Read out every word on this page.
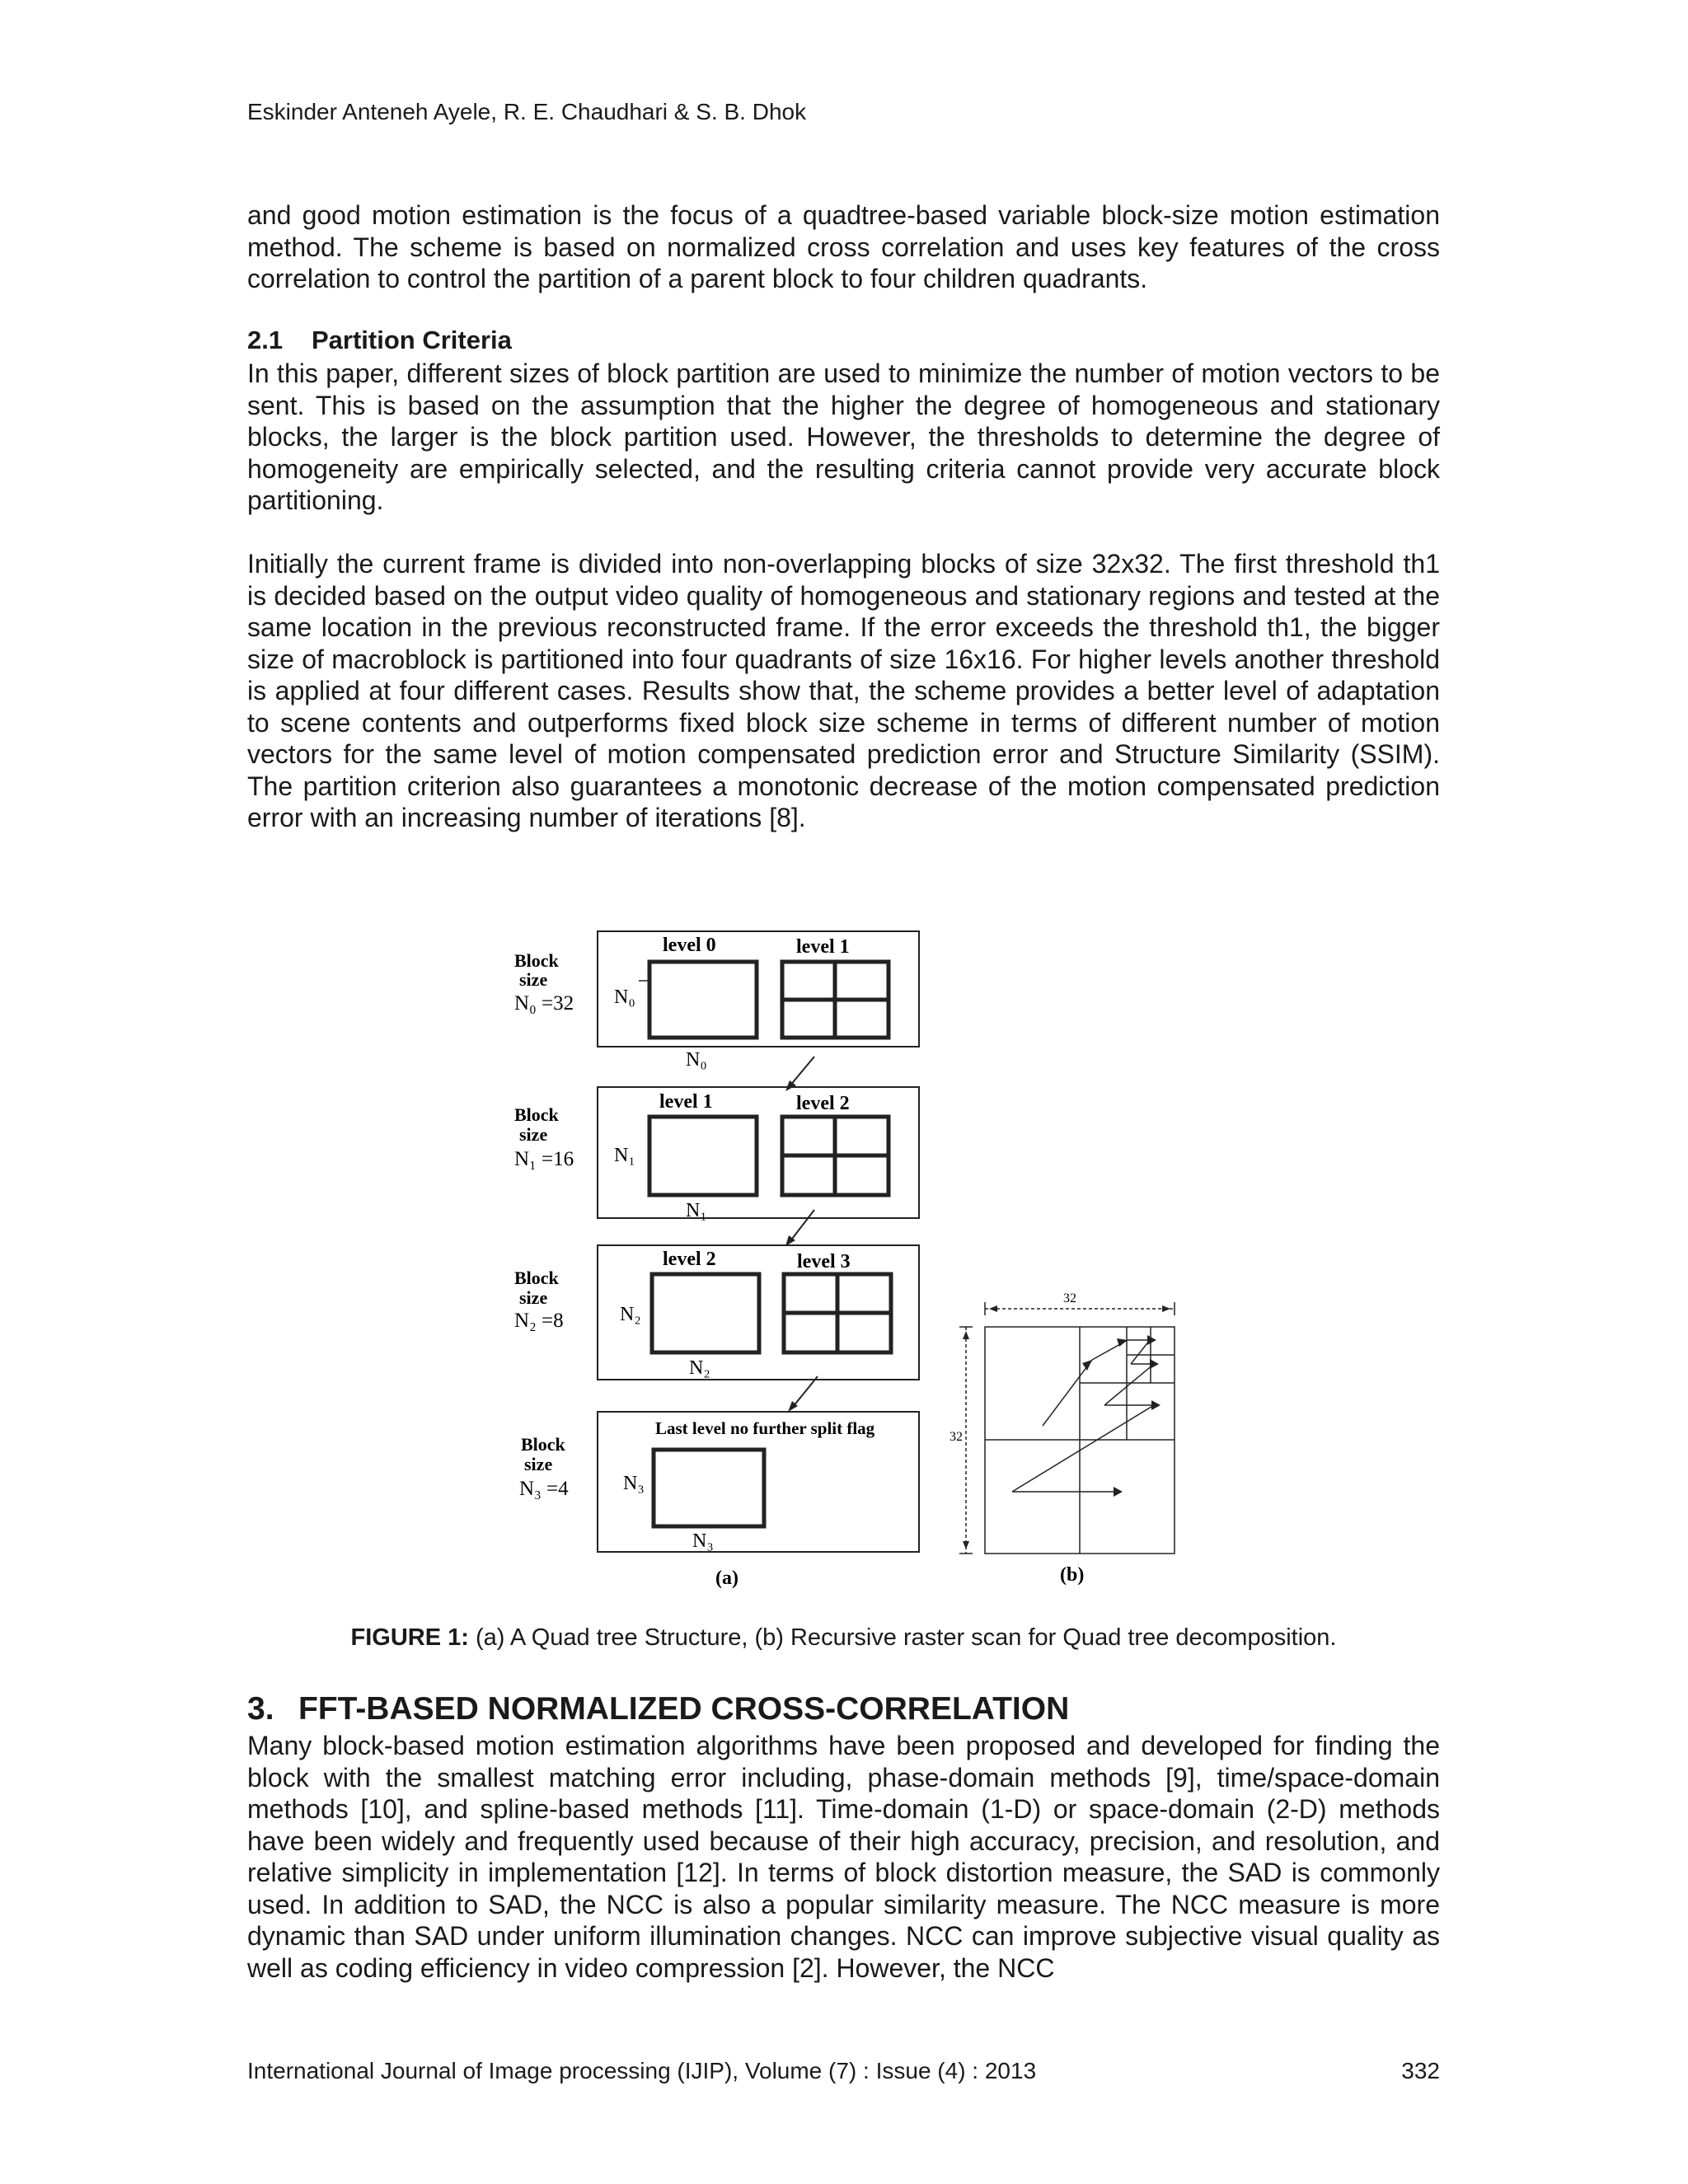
Eskinder Anteneh Ayele, R. E. Chaudhari & S. B. Dhok

and good motion estimation is the focus of a quadtree-based variable block-size motion estimation method. The scheme is based on normalized cross correlation and uses key features of the cross correlation to control the partition of a parent block to four children quadrants.

2.1 Partition Criteria

In this paper, different sizes of block partition are used to minimize the number of motion vectors to be sent. This is based on the assumption that the higher the degree of homogeneous and stationary blocks, the larger is the block partition used. However, the thresholds to determine the degree of homogeneity are empirically selected, and the resulting criteria cannot provide very accurate block partitioning.

Initially the current frame is divided into non-overlapping blocks of size 32x32. The first threshold th1 is decided based on the output video quality of homogeneous and stationary regions and tested at the same location in the previous reconstructed frame. If the error exceeds the threshold th1, the bigger size of macroblock is partitioned into four quadrants of size 16x16. For higher levels another threshold is applied at four different cases. Results show that, the scheme provides a better level of adaptation to scene contents and outperforms fixed block size scheme in terms of different number of motion vectors for the same level of motion compensated prediction error and Structure Similarity (SSIM). The partition criterion also guarantees a monotonic decrease of the motion compensated prediction error with an increasing number of iterations [8].

Block
size
N₀ =32 N₀
N₀
level 0	level 1
Block
size
N₁ =16 N₁
N₁
level 1	level 2
Block
size
N₂ =8	N₂
N₂
level 2	level 3
Block
size
N₃ =4	N₃
N₃
Last level no further split flag
(a)	(b)
32
32
FIGURE 1: (a) A Quad tree Structure, (b) Recursive raster scan for Quad tree decomposition.
3. FFT-BASED NORMALIZED CROSS-CORRELATION

Many block-based motion estimation algorithms have been proposed and developed for finding the block with the smallest matching error including, phase-domain methods [9], time/space-domain methods [10], and spline-based methods [11]. Time-domain (1-D) or space-domain (2-D) methods have been widely and frequently used because of their high accuracy, precision, and resolution, and relative simplicity in implementation [12]. In terms of block distortion measure, the SAD is commonly used. In addition to SAD, the NCC is also a popular similarity measure. The NCC measure is more dynamic than SAD under uniform illumination changes. NCC can improve subjective visual quality as well as coding efficiency in video compression [2]. However, the NCC

International Journal of Image processing (IJIP), Volume (7) : Issue (4) : 2013	332
